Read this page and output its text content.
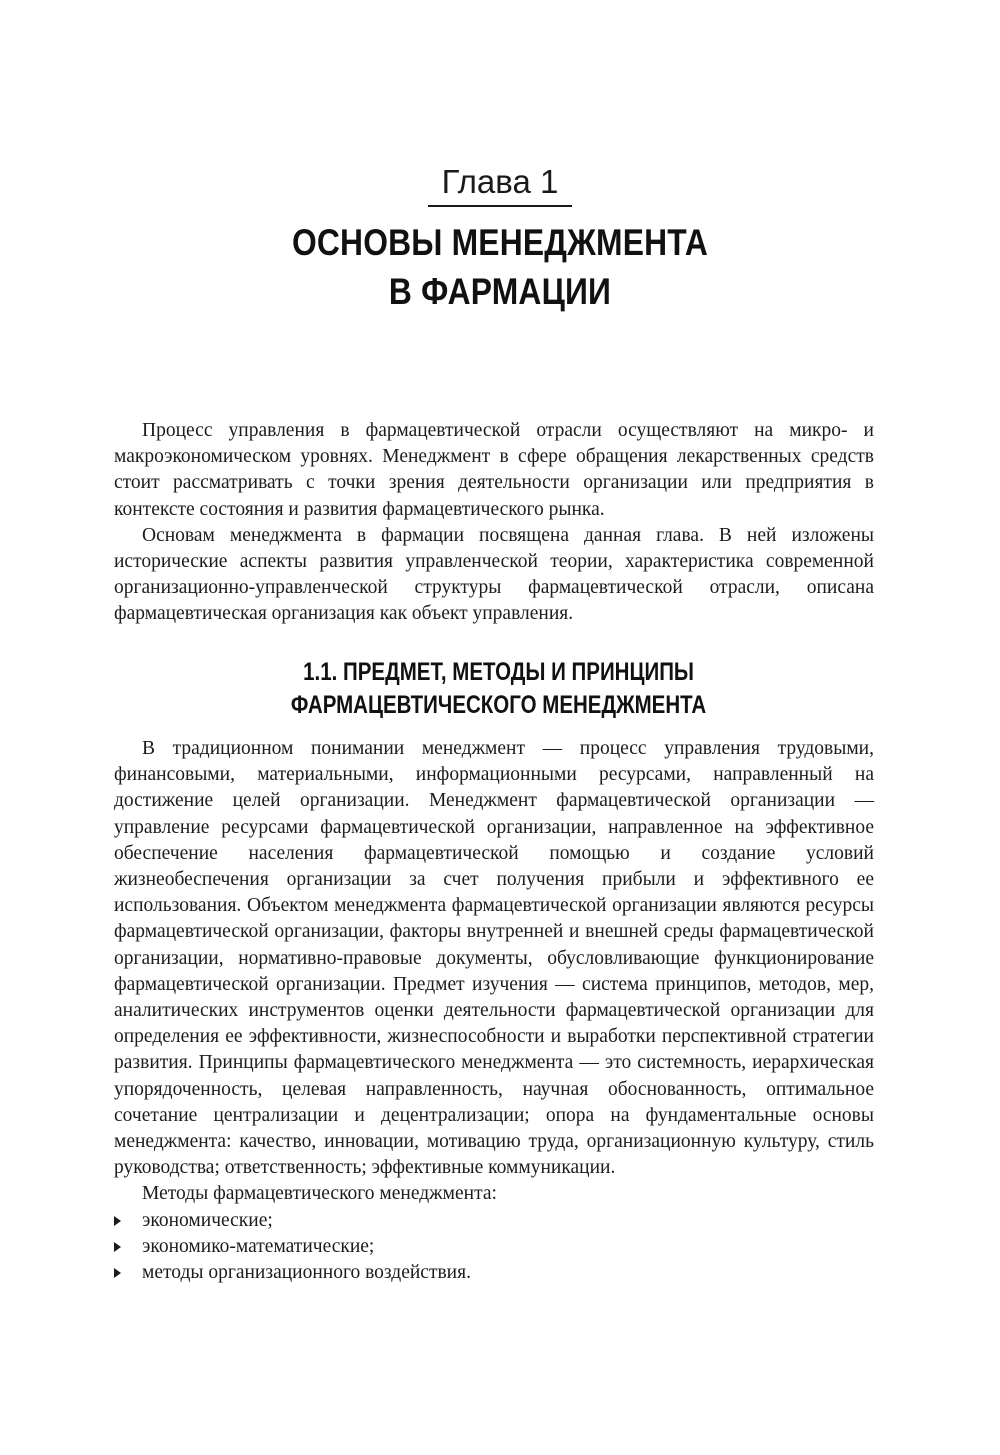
Глава 1
ОСНОВЫ МЕНЕДЖМЕНТА
В ФАРМАЦИИ

Процесс управления в фармацевтической отрасли осуществляют на микро- и макроэкономическом уровнях. Менеджмент в сфере обращения лекарственных средств стоит рассматривать с точки зрения деятельности организации или предприятия в контексте состояния и развития фармацевтического рынка.

Основам менеджмента в фармации посвящена данная глава. В ней изложены исторические аспекты развития управленческой теории, характеристика современной организационно-управленческой структуры фармацевтической отрасли, описана фармацевтическая организация как объект управления.

1.1. ПРЕДМЕТ, МЕТОДЫ И ПРИНЦИПЫ
ФАРМАЦЕВТИЧЕСКОГО МЕНЕДЖМЕНТА

В традиционном понимании менеджмент — процесс управления трудовыми, финансовыми, материальными, информационными ресурсами, направленный на достижение целей организации. Менеджмент фармацевтической организации — управление ресурсами фармацевтической организации, направленное на эффективное обеспечение населения фармацевтической помощью и создание условий жизнеобеспечения организации за счет получения прибыли и эффективного ее использования. Объектом менеджмента фармацевтической организации являются ресурсы фармацевтической организации, факторы внутренней и внешней среды фармацевтической организации, нормативно-правовые документы, обусловливающие функционирование фармацевтической организации. Предмет изучения — система принципов, методов, мер, аналитических инструментов оценки деятельности фармацевтической организации для определения ее эффективности, жизнеспособности и выработки перспективной стратегии развития. Принципы фармацевтического менеджмента — это системность, иерархическая упорядоченность, целевая направленность, научная обоснованность, оптимальное сочетание централизации и децентрализации; опора на фундаментальные основы менеджмента: качество, инновации, мотивацию труда, организационную культуру, стиль руководства; ответственность; эффективные коммуникации.

Методы фармацевтического менеджмента:

экономические;
экономико-математические;
методы организационного воздействия.
